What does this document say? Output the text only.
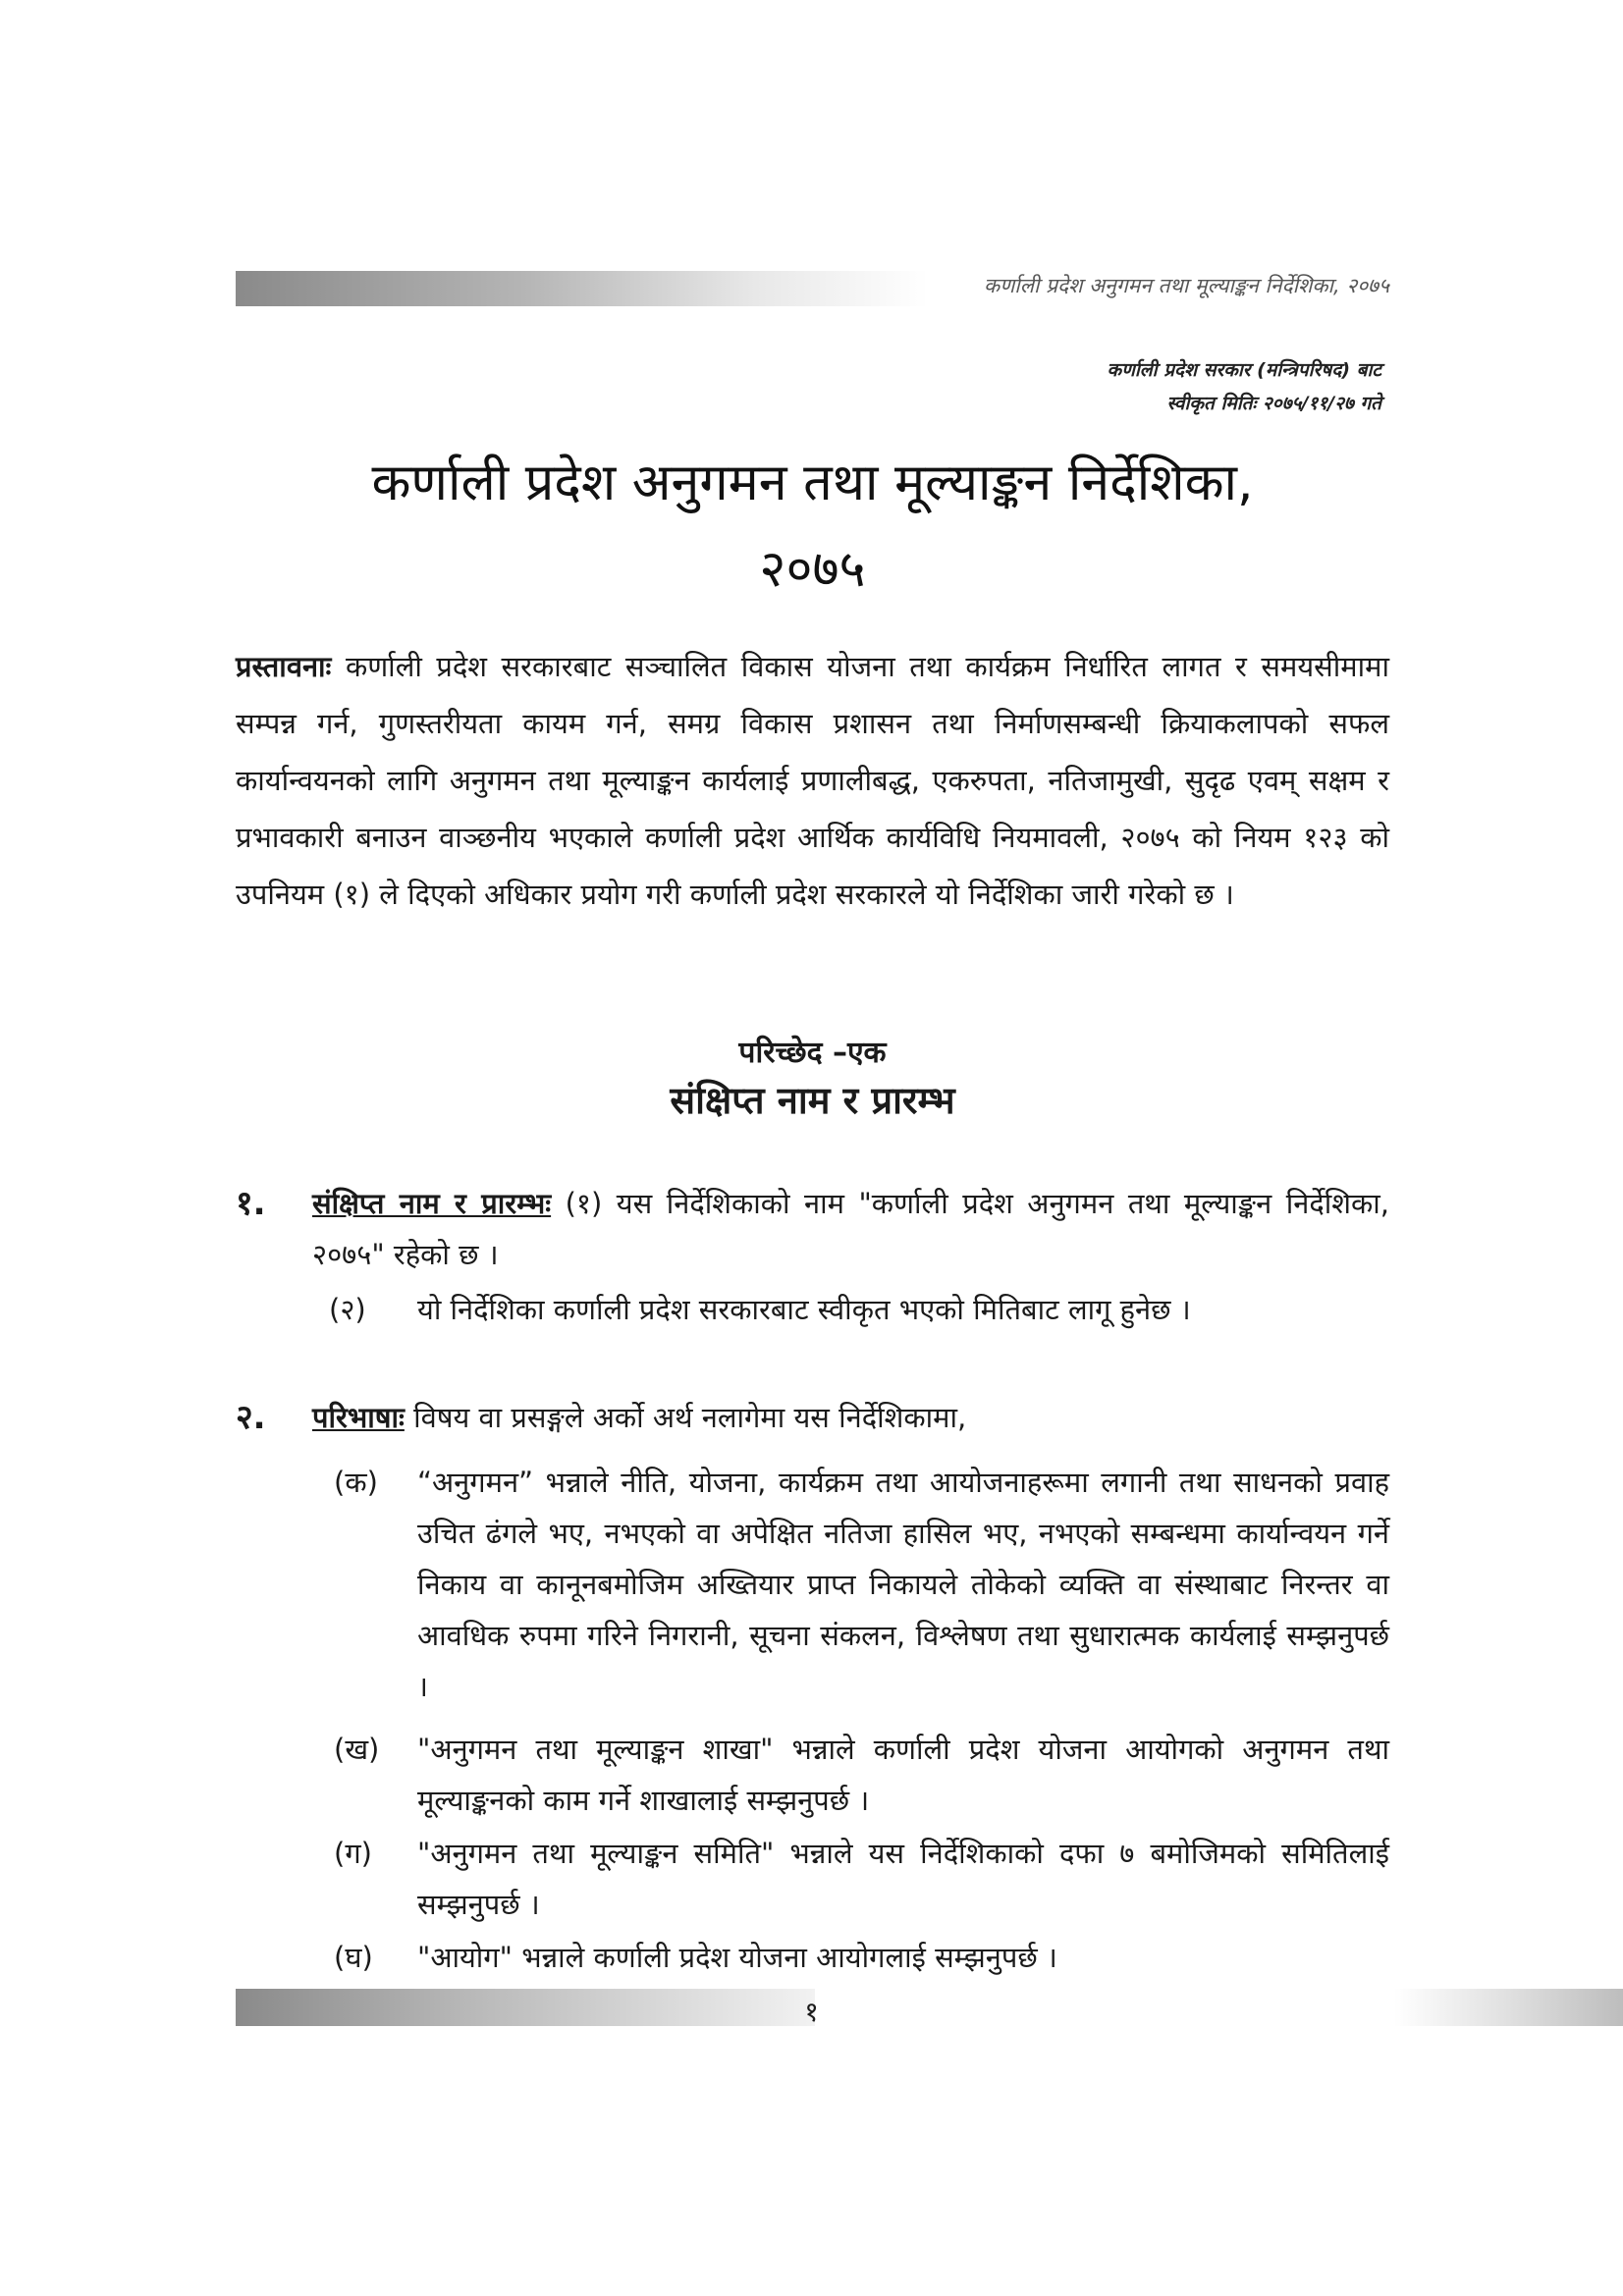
कर्णाली प्रदेश अनुगमन तथा मूल्याङ्कन निर्देशिका, २०७५
कर्णाली प्रदेश सरकार (मन्त्रिपरिषद) बाट
स्वीकृत मितिः २०७५/११/२७ गते
कर्णाली प्रदेश अनुगमन तथा मूल्याङ्कन निर्देशिका,
२०७५

प्रस्तावनाः कर्णाली प्रदेश सरकारबाट सञ्चालित विकास योजना तथा कार्यक्रम निर्धारित लागत र समयसीमामा सम्पन्न गर्न, गुणस्तरीयता कायम गर्न, समग्र विकास प्रशासन तथा निर्माणसम्बन्धी क्रियाकलापको सफल कार्यान्वयनको लागि अनुगमन तथा मूल्याङ्कन कार्यलाई प्रणालीबद्ध, एकरुपता, नतिजामुखी, सुदृढ एवम् सक्षम र प्रभावकारी बनाउन वाञ्छनीय भएकाले कर्णाली प्रदेश आर्थिक कार्यविधि नियमावली, २०७५ को नियम १२३ को उपनियम (१) ले दिएको अधिकार प्रयोग गरी कर्णाली प्रदेश सरकारले यो निर्देशिका जारी गरेको छ ।

परिच्छेद –एक
संक्षिप्त नाम र प्रारम्भ
१. संक्षिप्त नाम र प्रारम्भः (१) यस निर्देशिकाको नाम "कर्णाली प्रदेश अनुगमन तथा मूल्याङ्कन निर्देशिका, २०७५" रहेको छ ।
(२) यो निर्देशिका कर्णाली प्रदेश सरकारबाट स्वीकृत भएको मितिबाट लागू हुनेछ ।
२. परिभाषाः विषय वा प्रसङ्गले अर्को अर्थ नलागेमा यस निर्देशिकामा,
(क) “अनुगमन” भन्नाले नीति, योजना, कार्यक्रम तथा आयोजनाहरूमा लगानी तथा साधनको प्रवाह उचित ढंगले भए, नभएको वा अपेक्षित नतिजा हासिल भए, नभएको सम्बन्धमा कार्यान्वयन गर्ने निकाय वा कानूनबमोजिम अख्तियार प्राप्त निकायले तोकेको व्यक्ति वा संस्थाबाट निरन्तर वा आवधिक रुपमा गरिने निगरानी, सूचना संकलन, विश्लेषण तथा सुधारात्मक कार्यलाई सम्झनुपर्छ ।
(ख) "अनुगमन तथा मूल्याङ्कन शाखा" भन्नाले कर्णाली प्रदेश योजना आयोगको अनुगमन तथा मूल्याङ्कनको काम गर्ने शाखालाई सम्झनुपर्छ ।
(ग) "अनुगमन तथा मूल्याङ्कन समिति" भन्नाले यस निर्देशिकाको दफा ७ बमोजिमको समितिलाई सम्झनुपर्छ ।
(घ) "आयोग" भन्नाले कर्णाली प्रदेश योजना आयोगलाई सम्झनुपर्छ ।
१
